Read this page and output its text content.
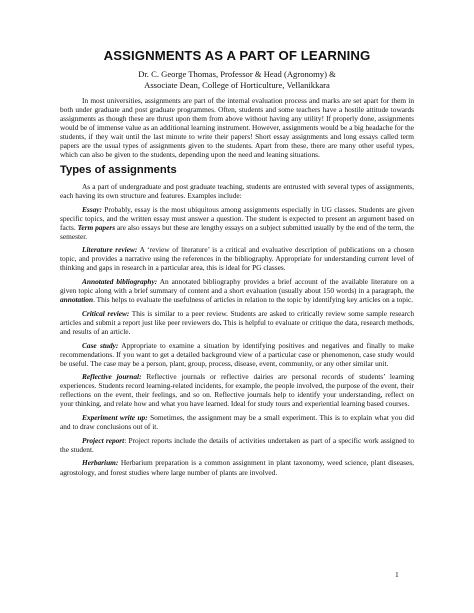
ASSIGNMENTS AS A PART OF LEARNING
Dr. C. George Thomas, Professor & Head (Agronomy) &
Associate Dean, College of Horticulture, Vellanikkara

In most universities, assignments are part of the internal evaluation process and marks are set apart for them in both under graduate and post graduate programmes. Often, students and some teachers have a hostile attitude towards assignments as though these are thrust upon them from above without having any utility! If properly done, assignments would be of immense value as an additional learning instrument. However, assignments would be a big headache for the students, if they wait until the last minute to write their papers! Short essay assignments and long essays called term papers are the usual types of assignments given to the students. Apart from these, there are many other useful types, which can also be given to the students, depending upon the need and leaning situations.

Types of assignments

As a part of undergraduate and post graduate teaching, students are entrusted with several types of assignments, each having its own structure and features. Examples include:

Essay: Probably, essay is the most ubiquitous among assignments especially in UG classes. Students are given specific topics, and the written essay must answer a question. The student is expected to present an argument based on facts. Term papers are also essays but these are lengthy essays on a subject submitted usually by the end of the term, the semester.

Literature review: A ‘review of literature’ is a critical and evaluative description of publications on a chosen topic, and provides a narrative using the references in the bibliography. Appropriate for understanding current level of thinking and gaps in research in a particular area, this is ideal for PG classes.

Annotated bibliography: An annotated bibliography provides a brief account of the available literature on a given topic along with a brief summary of content and a short evaluation (usually about 150 words) in a paragraph, the annotation. This helps to evaluate the usefulness of articles in relation to the topic by identifying key articles on a topic.

Critical review: This is similar to a peer review. Students are asked to critically review some sample research articles and submit a report just like peer reviewers do. This is helpful to evaluate or critique the data, research methods, and results of an article.

Case study: Appropriate to examine a situation by identifying positives and negatives and finally to make recommendations. If you want to get a detailed background view of a particular case or phenomenon, case study would be useful. The case may be a person, plant, group, process, disease, event, community, or any other similar unit.

Reflective journal: Reflective journals or reflective dairies are personal records of students’ learning experiences. Students record learning-related incidents, for example, the people involved, the purpose of the event, their reflections on the event, their feelings, and so on. Reflective journals help to identify your understanding, reflect on your thinking, and relate how and what you have learned. Ideal for study tours and experiential learning based courses.

Experiment write up: Sometimes, the assignment may be a small experiment. This is to explain what you did and to draw conclusions out of it.

Project report: Project reports include the details of activities undertaken as part of a specific work assigned to the student.

Herbarium: Herbarium preparation is a common assignment in plant taxonomy, weed science, plant diseases, agrostology, and forest studies where large number of plants are involved.

1
